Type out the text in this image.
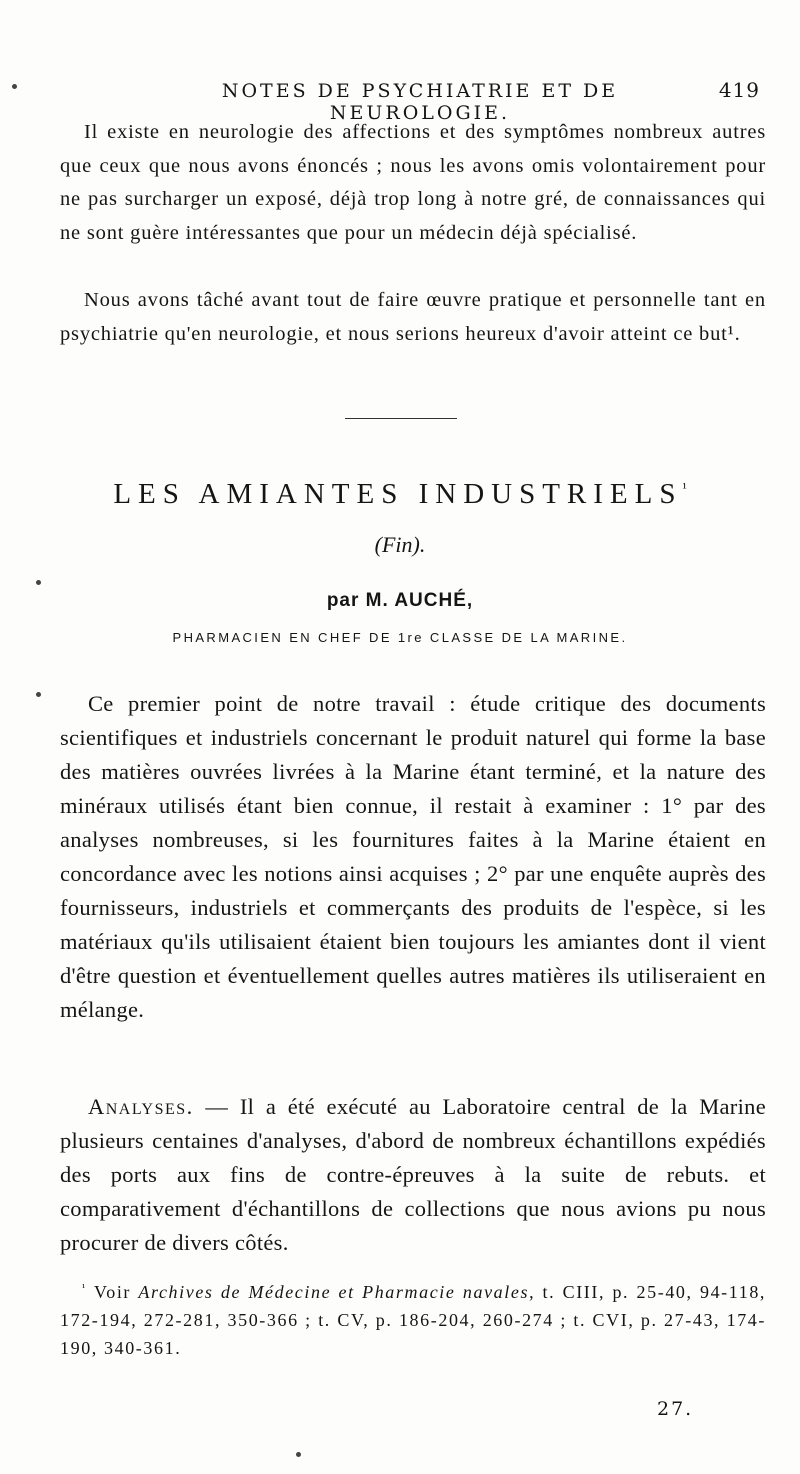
NOTES DE PSYCHIATRIE ET DE NEUROLOGIE.
419

Il existe en neurologie des affections et des symptômes nombreux autres que ceux que nous avons énoncés ; nous les avons omis volontairement pour ne pas surcharger un exposé, déjà trop long à notre gré, de connaissances qui ne sont guère intéressantes que pour un médecin déjà spécialisé.

Nous avons tâché avant tout de faire œuvre pratique et personnelle tant en psychiatrie qu'en neurologie, et nous serions heureux d'avoir atteint ce but¹.

LES AMIANTES $INDUSTRIELS^{^1}$
(Fin).
par M. AUCHÉ,
PHARMACIEN EN CHEF DE 1re CLASSE DE LA MARINE.

Ce premier point de notre travail : étude critique des documents scientifiques et industriels concernant le produit naturel qui forme la base des matières ouvrées livrées à la Marine étant terminé, et la nature des minéraux utilisés étant bien connue, il restait à examiner : 1° par des analyses nombreuses, si les fournitures faites à la Marine étaient en concordance avec les notions ainsi acquises ; 2° par une enquête auprès des fournisseurs, industriels et commerçants des produits de l'espèce, si les matériaux qu'ils utilisaient étaient bien toujours les amiantes dont il vient d'être question et éventuellement quelles autres matières ils utiliseraient en mélange.

Analyses. — Il a été exécuté au Laboratoire central de la Marine plusieurs centaines d'analyses, d'abord de nombreux échantillons expédiés des ports aux fins de contre-épreuves à la suite de rebuts. et comparativement d'échantillons de collections que nous avions pu nous procurer de divers côtés.

$^{^1}$ Voir Archives de Médecine et Pharmacie navales, t. CIII, p. 25-40, 94-118, 172-194, 272-281, 350-366 ; t. CV, p. 186-204, 260-274 ; t. CVI, p. 27-43, 174-190, 340-361.

27.
